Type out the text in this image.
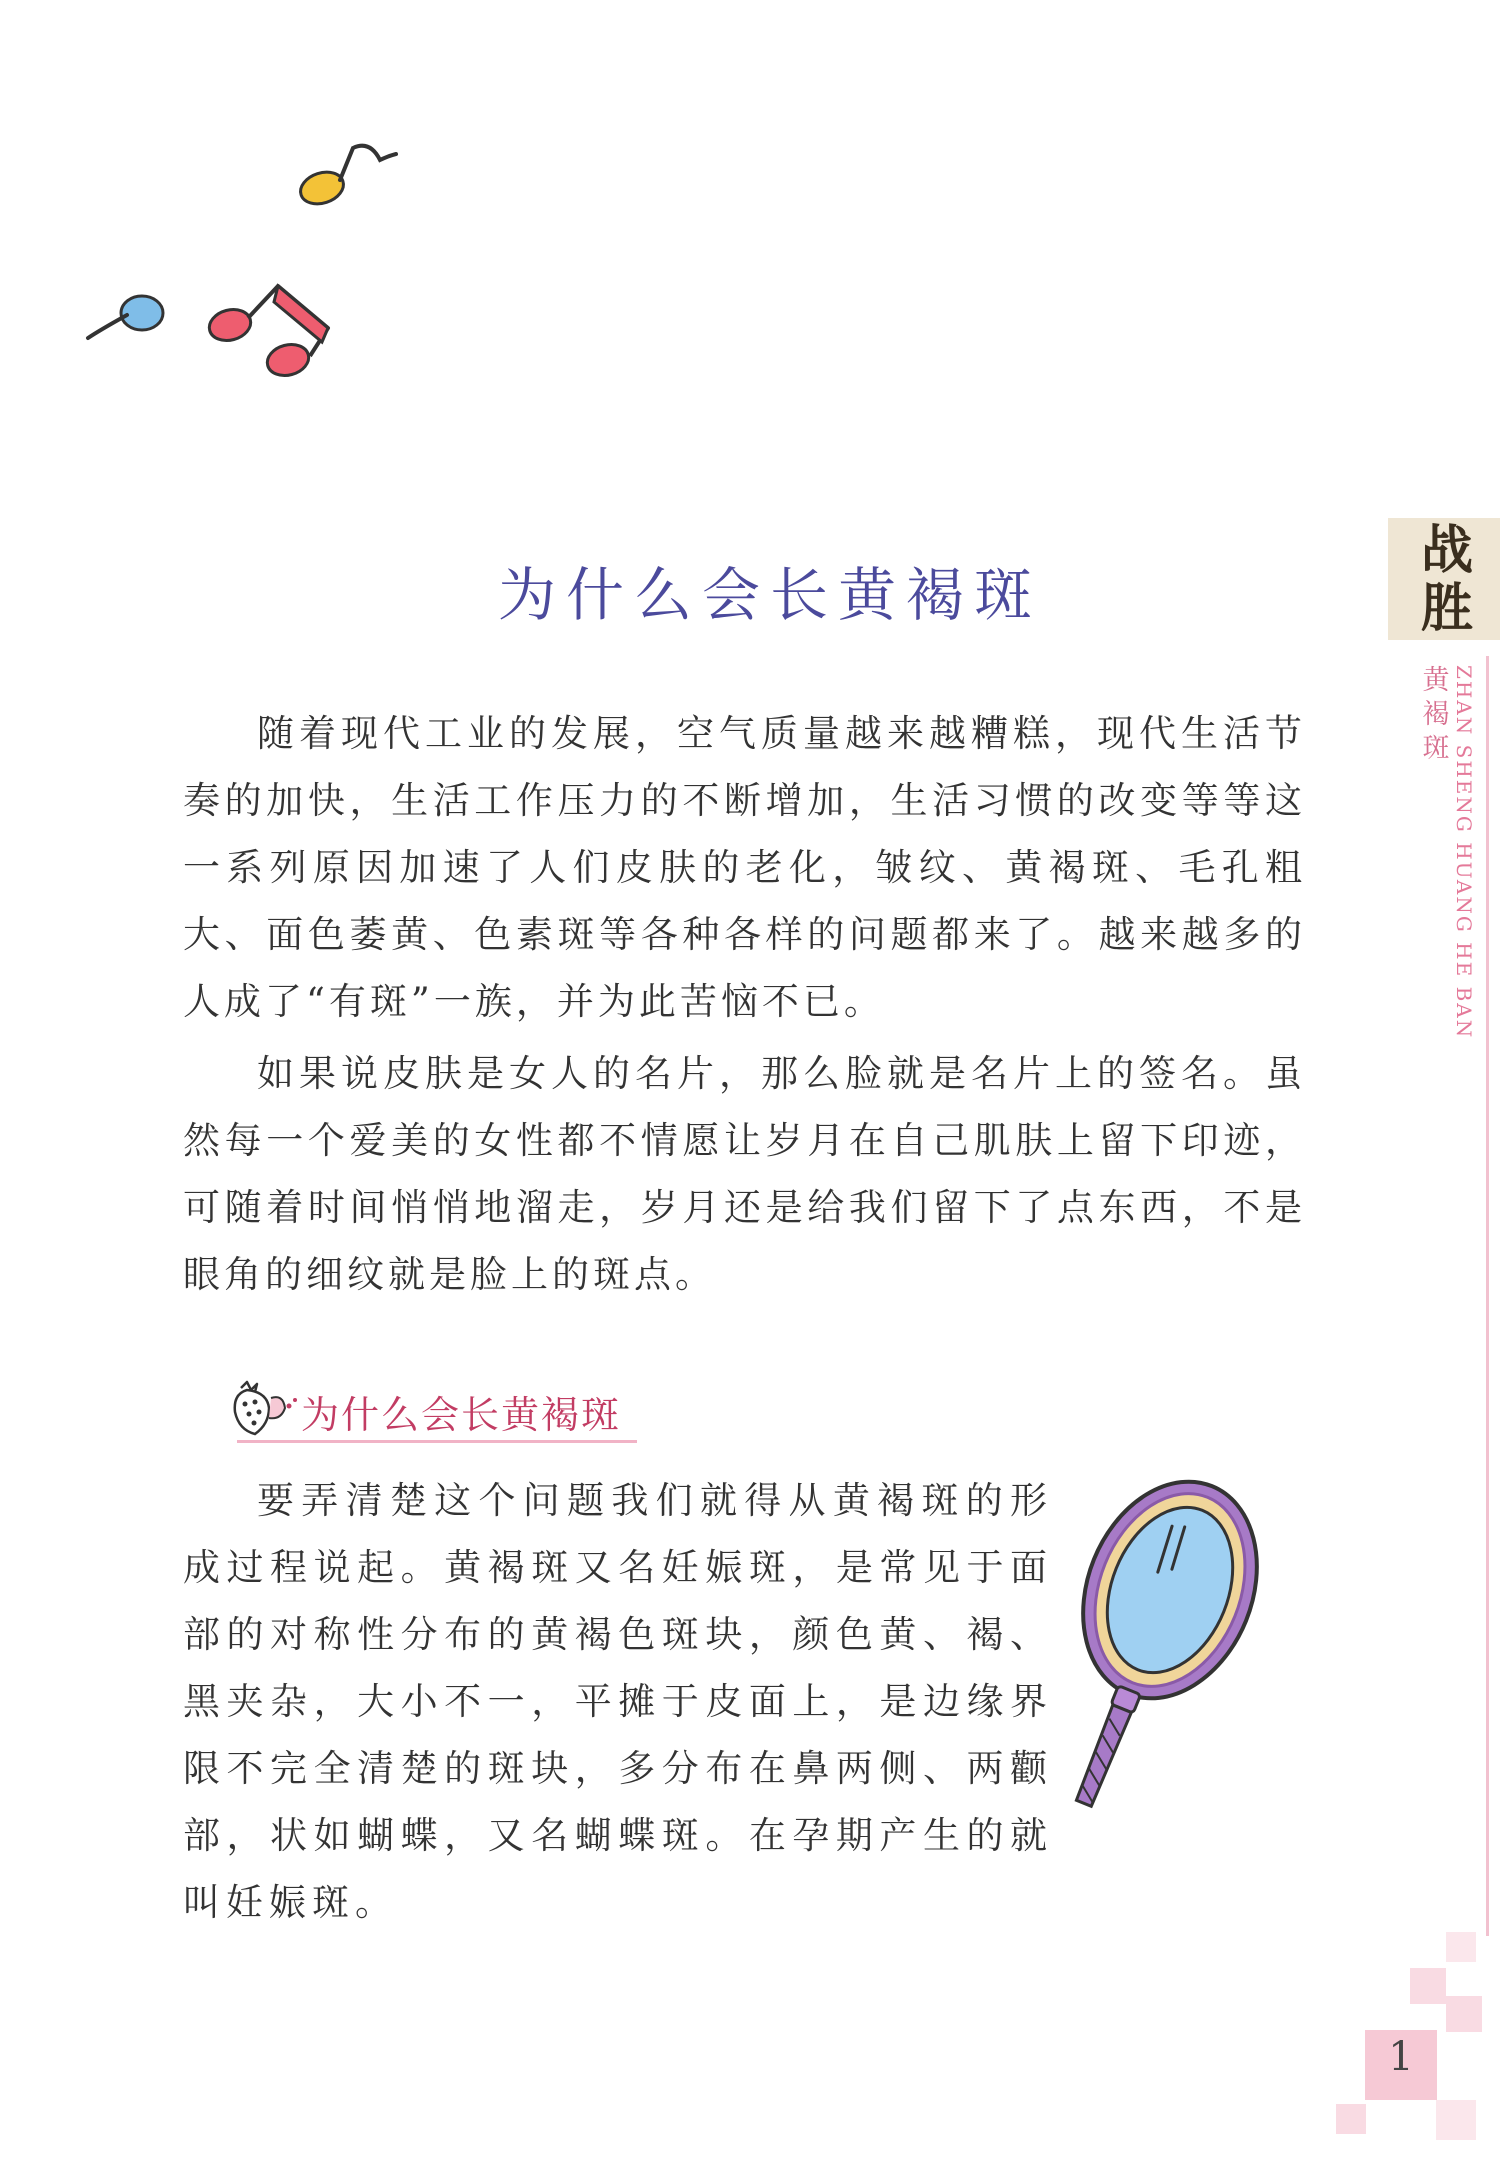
为什么会长黄褐斑

随着现代工业的发展，空气质量越来越糟糕，现代生活节奏的加快，生活工作压力的不断增加，生活习惯的改变等等这一系列原因加速了人们皮肤的老化，皱纹、黄褐斑、毛孔粗大、面色萎黄、色素斑等各种各样的问题都来了。越来越多的人成了“有斑”一族，并为此苦恼不已。

如果说皮肤是女人的名片，那么脸就是名片上的签名。虽然每一个爱美的女性都不情愿让岁月在自己肌肤上留下印迹，可随着时间悄悄地溜走，岁月还是给我们留下了点东西，不是眼角的细纹就是脸上的斑点。

为什么会长黄褐斑

要弄清楚这个问题我们就得从黄褐斑的形成过程说起。黄褐斑又名妊娠斑，是常见于面部的对称性分布的黄褐色斑块，颜色黄、褐、黑夹杂，大小不一，平摊于皮面上，是边缘界限不完全清楚的斑块，多分布在鼻两侧、两颧部，状如蝴蝶，又名蝴蝶斑。在孕期产生的就叫妊娠斑。

战胜
黄褐斑 ZHAN SHENG HUANG HE BAN
1
